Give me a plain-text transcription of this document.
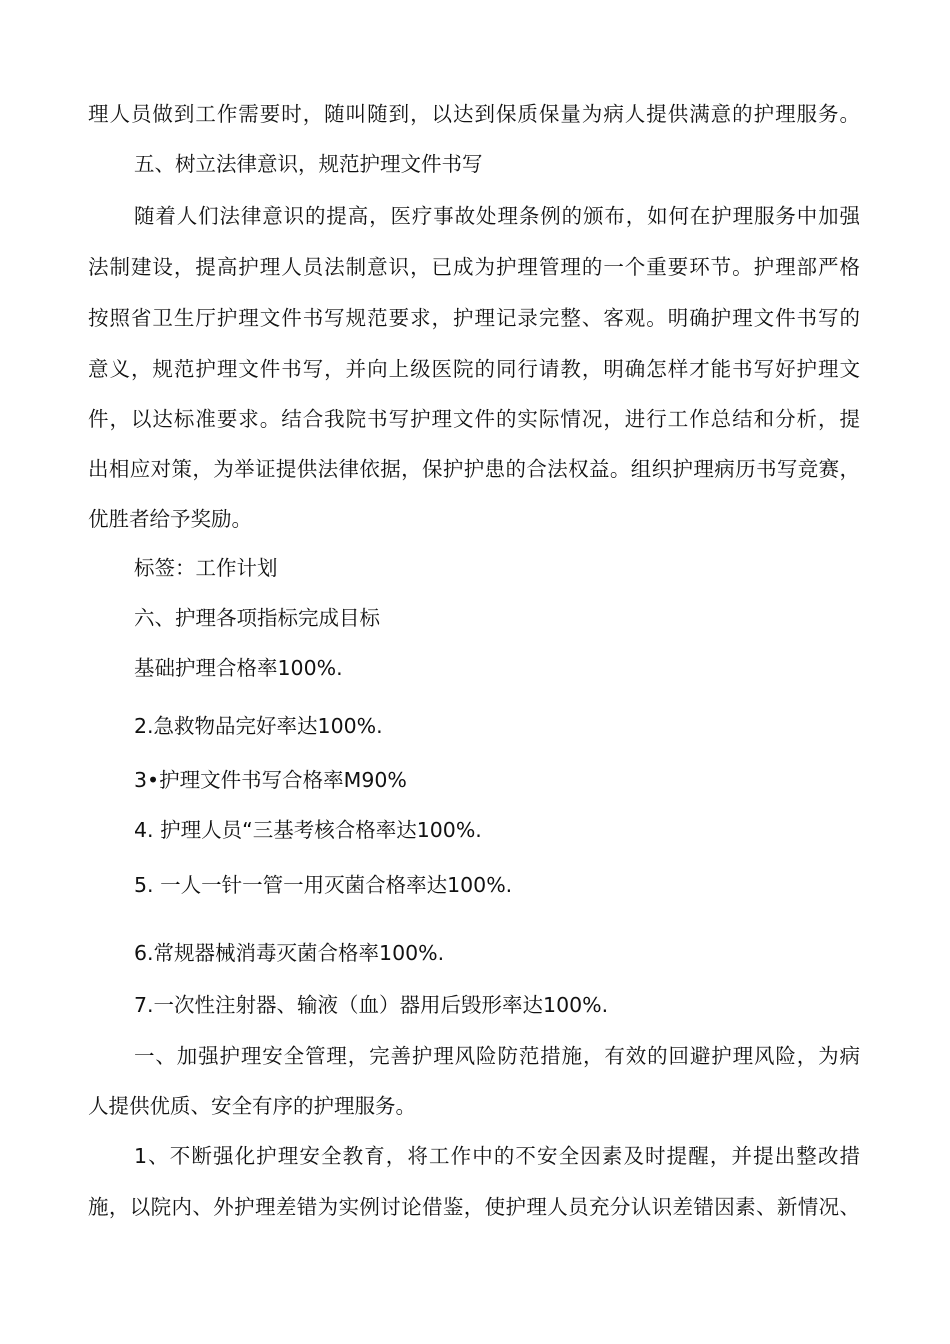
理人员做到工作需要时，随叫随到，以达到保质保量为病人提供满意的护理服务。
五、树立法律意识，规范护理文件书写
随着人们法律意识的提高，医疗事故处理条例的颁布，如何在护理服务中加强
法制建设，提高护理人员法制意识，已成为护理管理的一个重要环节。护理部严格
按照省卫生厅护理文件书写规范要求，护理记录完整、客观。明确护理文件书写的
意义，规范护理文件书写，并向上级医院的同行请教，明确怎样才能书写好护理文
件，以达标准要求。结合我院书写护理文件的实际情况，进行工作总结和分析，提
出相应对策，为举证提供法律依据，保护护患的合法权益。组织护理病历书写竞赛，
优胜者给予奖励。
标签：工作计划
六、护理各项指标完成目标
基础护理合格率100%.
2.急救物品完好率达100%.
3•护理文件书写合格率M90%
4. 护理人员“三基考核合格率达100%.
5. 一人一针一管一用灭菌合格率达100%.
6.常规器械消毒灭菌合格率100%.
7.一次性注射器、输液（血）器用后毁形率达100%.
一、加强护理安全管理，完善护理风险防范措施，有效的回避护理风险，为病
人提供优质、安全有序的护理服务。
1、不断强化护理安全教育，将工作中的不安全因素及时提醒，并提出整改措
施，以院内、外护理差错为实例讨论借鉴，使护理人员充分认识差错因素、新情况、
